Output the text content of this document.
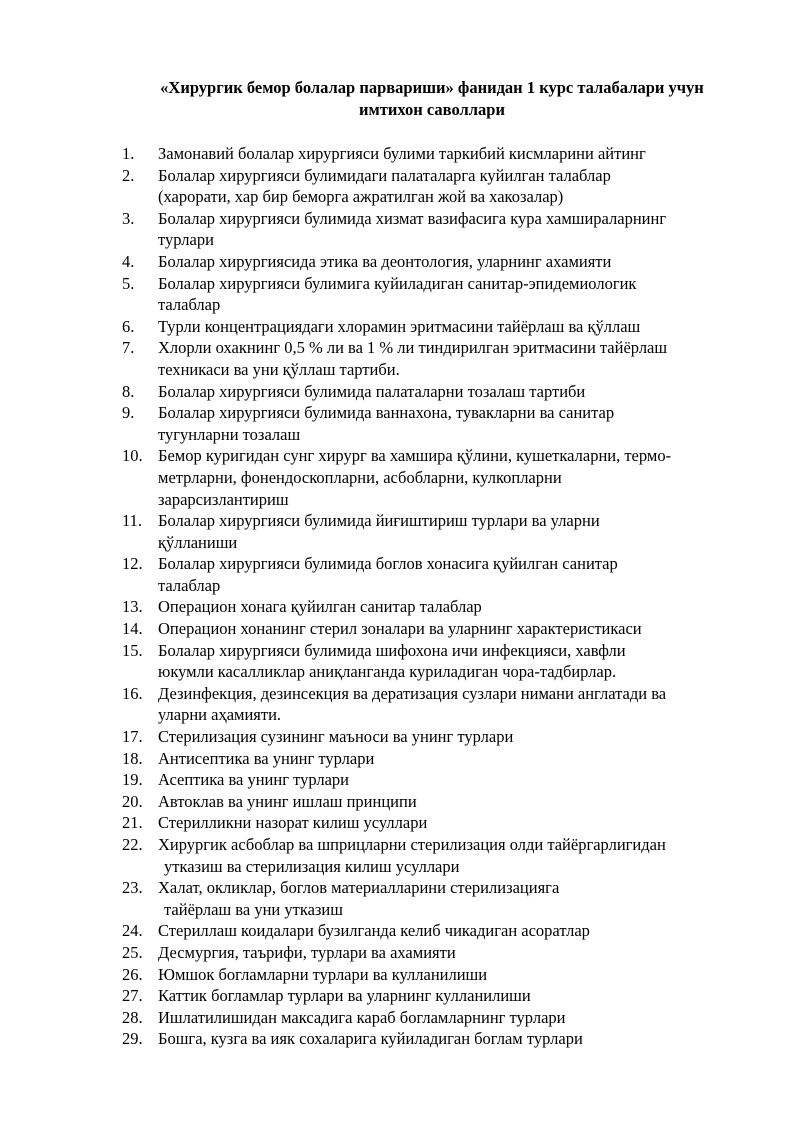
«Хирургик бемор болалар парвариши» фанидан 1 курс талабалари учун
имтихон саволлари
1.	Замонавий болалар хирургияси булими таркибий кисмларини айтинг
2.	Болалар хирургияси булимидаги палаталарга куйилган талаблар
(харорати, хар бир беморга ажратилган жой ва хакозалар)
3.	Болалар хирургияси булимида хизмат вазифасига кура хамшираларнинг
турлари
4.	Болалар хирургиясида этика ва деонтология, уларнинг ахамияти
5.	Болалар хирургияси булимига куйиладиган санитар-эпидемиологик
талаблар
6.	Турли концентрациядаги хлорамин эритмасини тайёрлаш ва қўллаш
7.	Хлорли охакнинг 0,5 % ли ва 1 % ли тиндирилган эритмасини тайёрлаш
техникаси ва уни қўллаш тартиби.
8.	Болалар хирургияси булимида палаталарни тозалаш тартиби
9.	Болалар хирургияси булимида ваннахона, тувакларни ва санитар
тугунларни тозалаш
10. Бемор куригидан сунг хирург ва хамшира қўлини, кушеткаларни, термо-
метрларни, фонендоскопларни, асбобларни, кулкопларни
зарарсизлантириш
11. Болалар хирургияси булимида йиғиштириш турлари ва уларни
қўлланиши
12. Болалар хирургияси булимида боглов хонасига қуйилган санитар
талаблар
13. Операцион хонага қуйилган санитар талаблар
14. Операцион хонанинг стерил зоналари ва уларнинг характеристикаси
15. Болалар хирургияси булимида шифохона ичи инфекцияси, хавфли
юкумли касалликлар аниқланганда куриладиган чора-тадбирлар.
16. Дезинфекция, дезинсекция ва дератизация сузлари нимани англатади ва
уларни аҳамияти.
17. Стерилизация сузининг маъноси ва унинг турлари
18. Антисептика ва унинг турлари
19. Асептика ва унинг турлари
20. Автоклав ва унинг ишлаш принципи
21. Стерилликни назорат килиш усуллари
22. Хирургик асбоблар ва шприцларни стерилизация олди тайёргарлигидан
утказиш ва стерилизация килиш усуллари
23. Халат, окликлар, боглов материалларини стерилизацияга
тайёрлаш ва уни утказиш
24. Стериллаш коидалари бузилганда келиб чикадиган асоратлар
25. Десмургия, таърифи, турлари ва ахамияти
26. Юмшок богламларни турлари ва кулланилиши
27. Каттик богламлар турлари ва уларнинг кулланилиши
28. Ишлатилишидан максадига караб богламларнинг турлари
29. Бошга, кузга ва ияк сохаларига куйиладиган боглам турлари
